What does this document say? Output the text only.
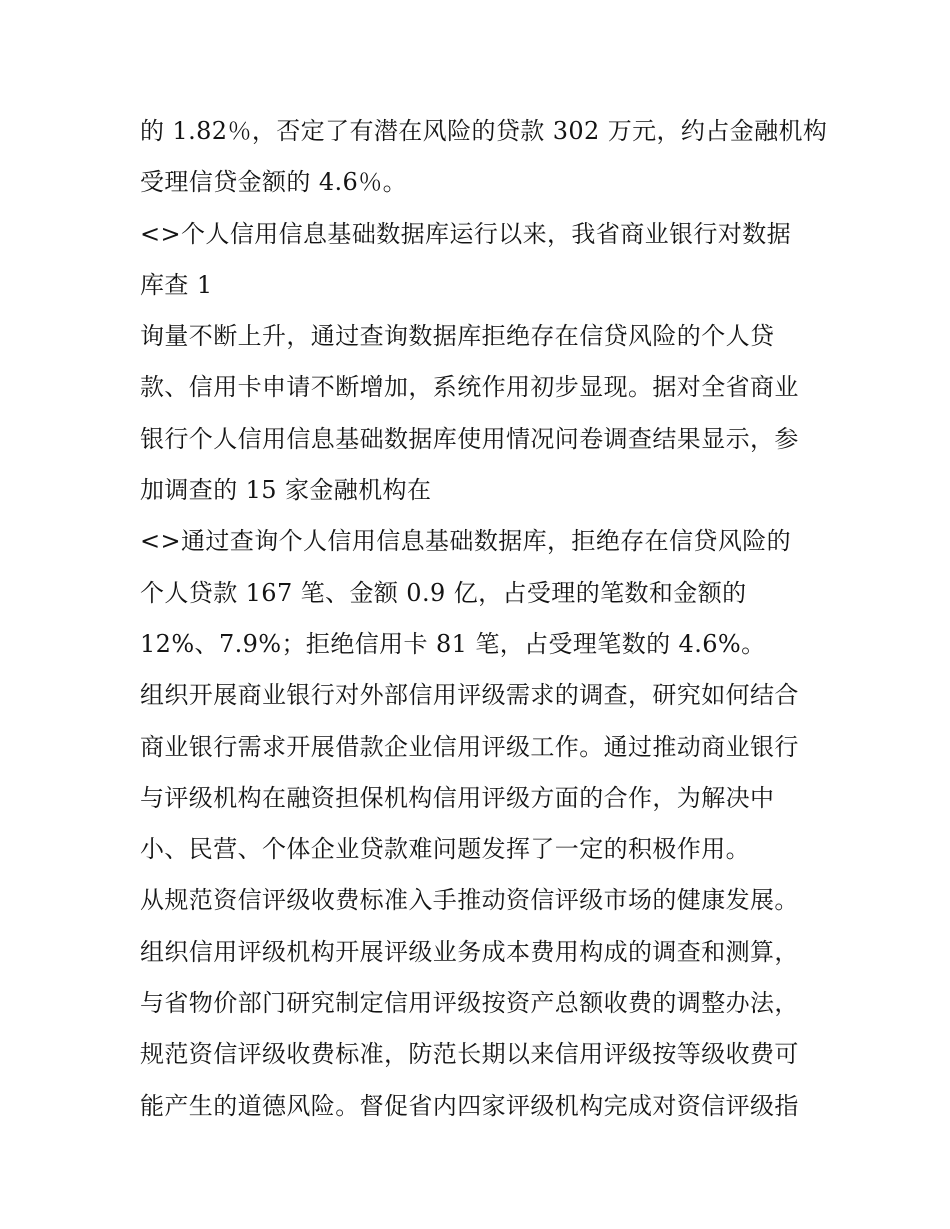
的 1.82％，否定了有潜在风险的贷款 302 万元，约占金融机构
受理信贷金额的 4.6％。
<>个人信用信息基础数据库运行以来，我省商业银行对数据
库查 1
询量不断上升，通过查询数据库拒绝存在信贷风险的个人贷
款、信用卡申请不断增加，系统作用初步显现。据对全省商业
银行个人信用信息基础数据库使用情况问卷调查结果显示，参
加调查的 15 家金融机构在
<>通过查询个人信用信息基础数据库，拒绝存在信贷风险的
个人贷款 167 笔、金额 0.9 亿，占受理的笔数和金额的
12%、7.9%；拒绝信用卡 81 笔，占受理笔数的 4.6%。
组织开展商业银行对外部信用评级需求的调查，研究如何结合
商业银行需求开展借款企业信用评级工作。通过推动商业银行
与评级机构在融资担保机构信用评级方面的合作，为解决中
小、民营、个体企业贷款难问题发挥了一定的积极作用。
从规范资信评级收费标准入手推动资信评级市场的健康发展。
组织信用评级机构开展评级业务成本费用构成的调查和测算，
与省物价部门研究制定信用评级按资产总额收费的调整办法，
规范资信评级收费标准，防范长期以来信用评级按等级收费可
能产生的道德风险。督促省内四家评级机构完成对资信评级指
